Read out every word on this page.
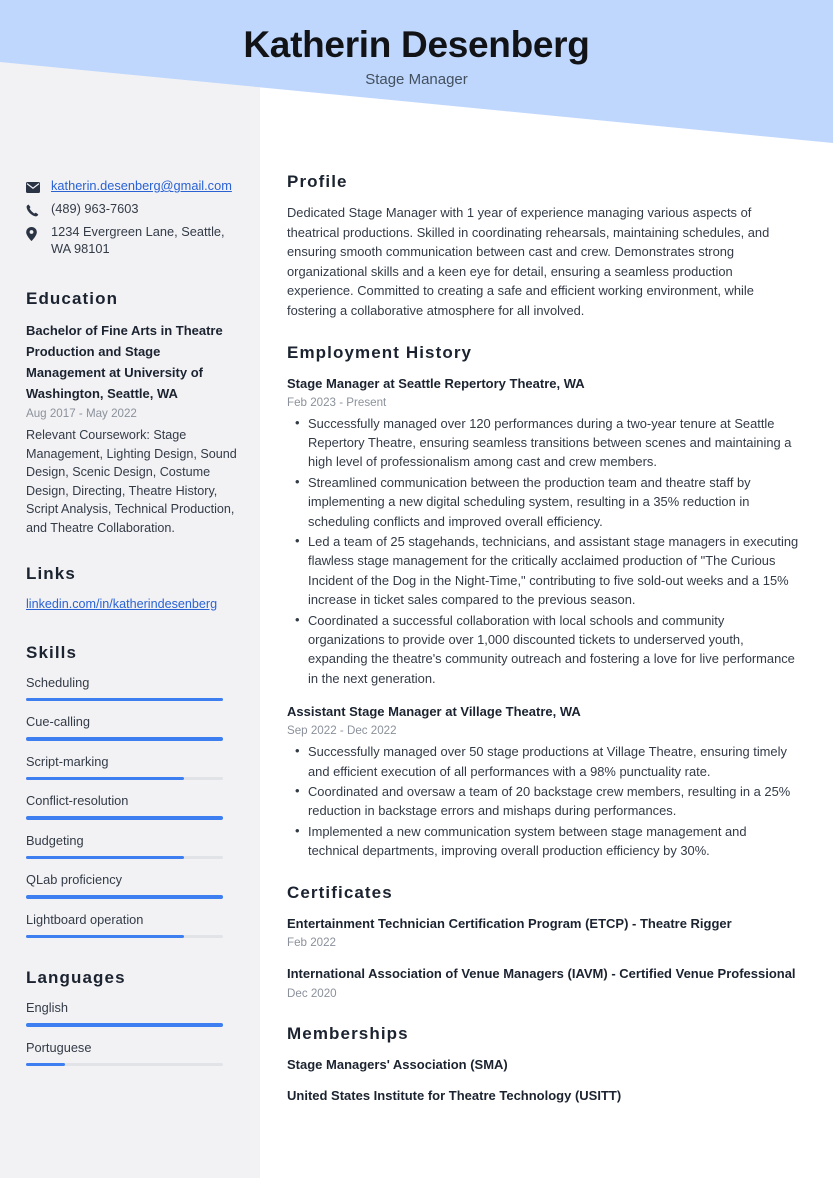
Katherin Desenberg
Stage Manager
katherin.desenberg@gmail.com
(489) 963-7603
1234 Evergreen Lane, Seattle, WA 98101
Education
Bachelor of Fine Arts in Theatre Production and Stage Management at University of Washington, Seattle, WA
Aug 2017 - May 2022
Relevant Coursework: Stage Management, Lighting Design, Sound Design, Scenic Design, Costume Design, Directing, Theatre History, Script Analysis, Technical Production, and Theatre Collaboration.
Links
linkedin.com/in/katherindesenberg
Skills
Scheduling
Cue-calling
Script-marking
Conflict-resolution
Budgeting
QLab proficiency
Lightboard operation
Languages
English
Portuguese
Profile
Dedicated Stage Manager with 1 year of experience managing various aspects of theatrical productions. Skilled in coordinating rehearsals, maintaining schedules, and ensuring smooth communication between cast and crew. Demonstrates strong organizational skills and a keen eye for detail, ensuring a seamless production experience. Committed to creating a safe and efficient working environment, while fostering a collaborative atmosphere for all involved.
Employment History
Stage Manager at Seattle Repertory Theatre, WA
Feb 2023 - Present
• Successfully managed over 120 performances during a two-year tenure at Seattle Repertory Theatre, ensuring seamless transitions between scenes and maintaining a high level of professionalism among cast and crew members.
• Streamlined communication between the production team and theatre staff by implementing a new digital scheduling system, resulting in a 35% reduction in scheduling conflicts and improved overall efficiency.
• Led a team of 25 stagehands, technicians, and assistant stage managers in executing flawless stage management for the critically acclaimed production of "The Curious Incident of the Dog in the Night-Time," contributing to five sold-out weeks and a 15% increase in ticket sales compared to the previous season.
• Coordinated a successful collaboration with local schools and community organizations to provide over 1,000 discounted tickets to underserved youth, expanding the theatre's community outreach and fostering a love for live performance in the next generation.
Assistant Stage Manager at Village Theatre, WA
Sep 2022 - Dec 2022
• Successfully managed over 50 stage productions at Village Theatre, ensuring timely and efficient execution of all performances with a 98% punctuality rate.
• Coordinated and oversaw a team of 20 backstage crew members, resulting in a 25% reduction in backstage errors and mishaps during performances.
• Implemented a new communication system between stage management and technical departments, improving overall production efficiency by 30%.
Certificates
Entertainment Technician Certification Program (ETCP) - Theatre Rigger
Feb 2022
International Association of Venue Managers (IAVM) - Certified Venue Professional
Dec 2020
Memberships
Stage Managers' Association (SMA)
United States Institute for Theatre Technology (USITT)
